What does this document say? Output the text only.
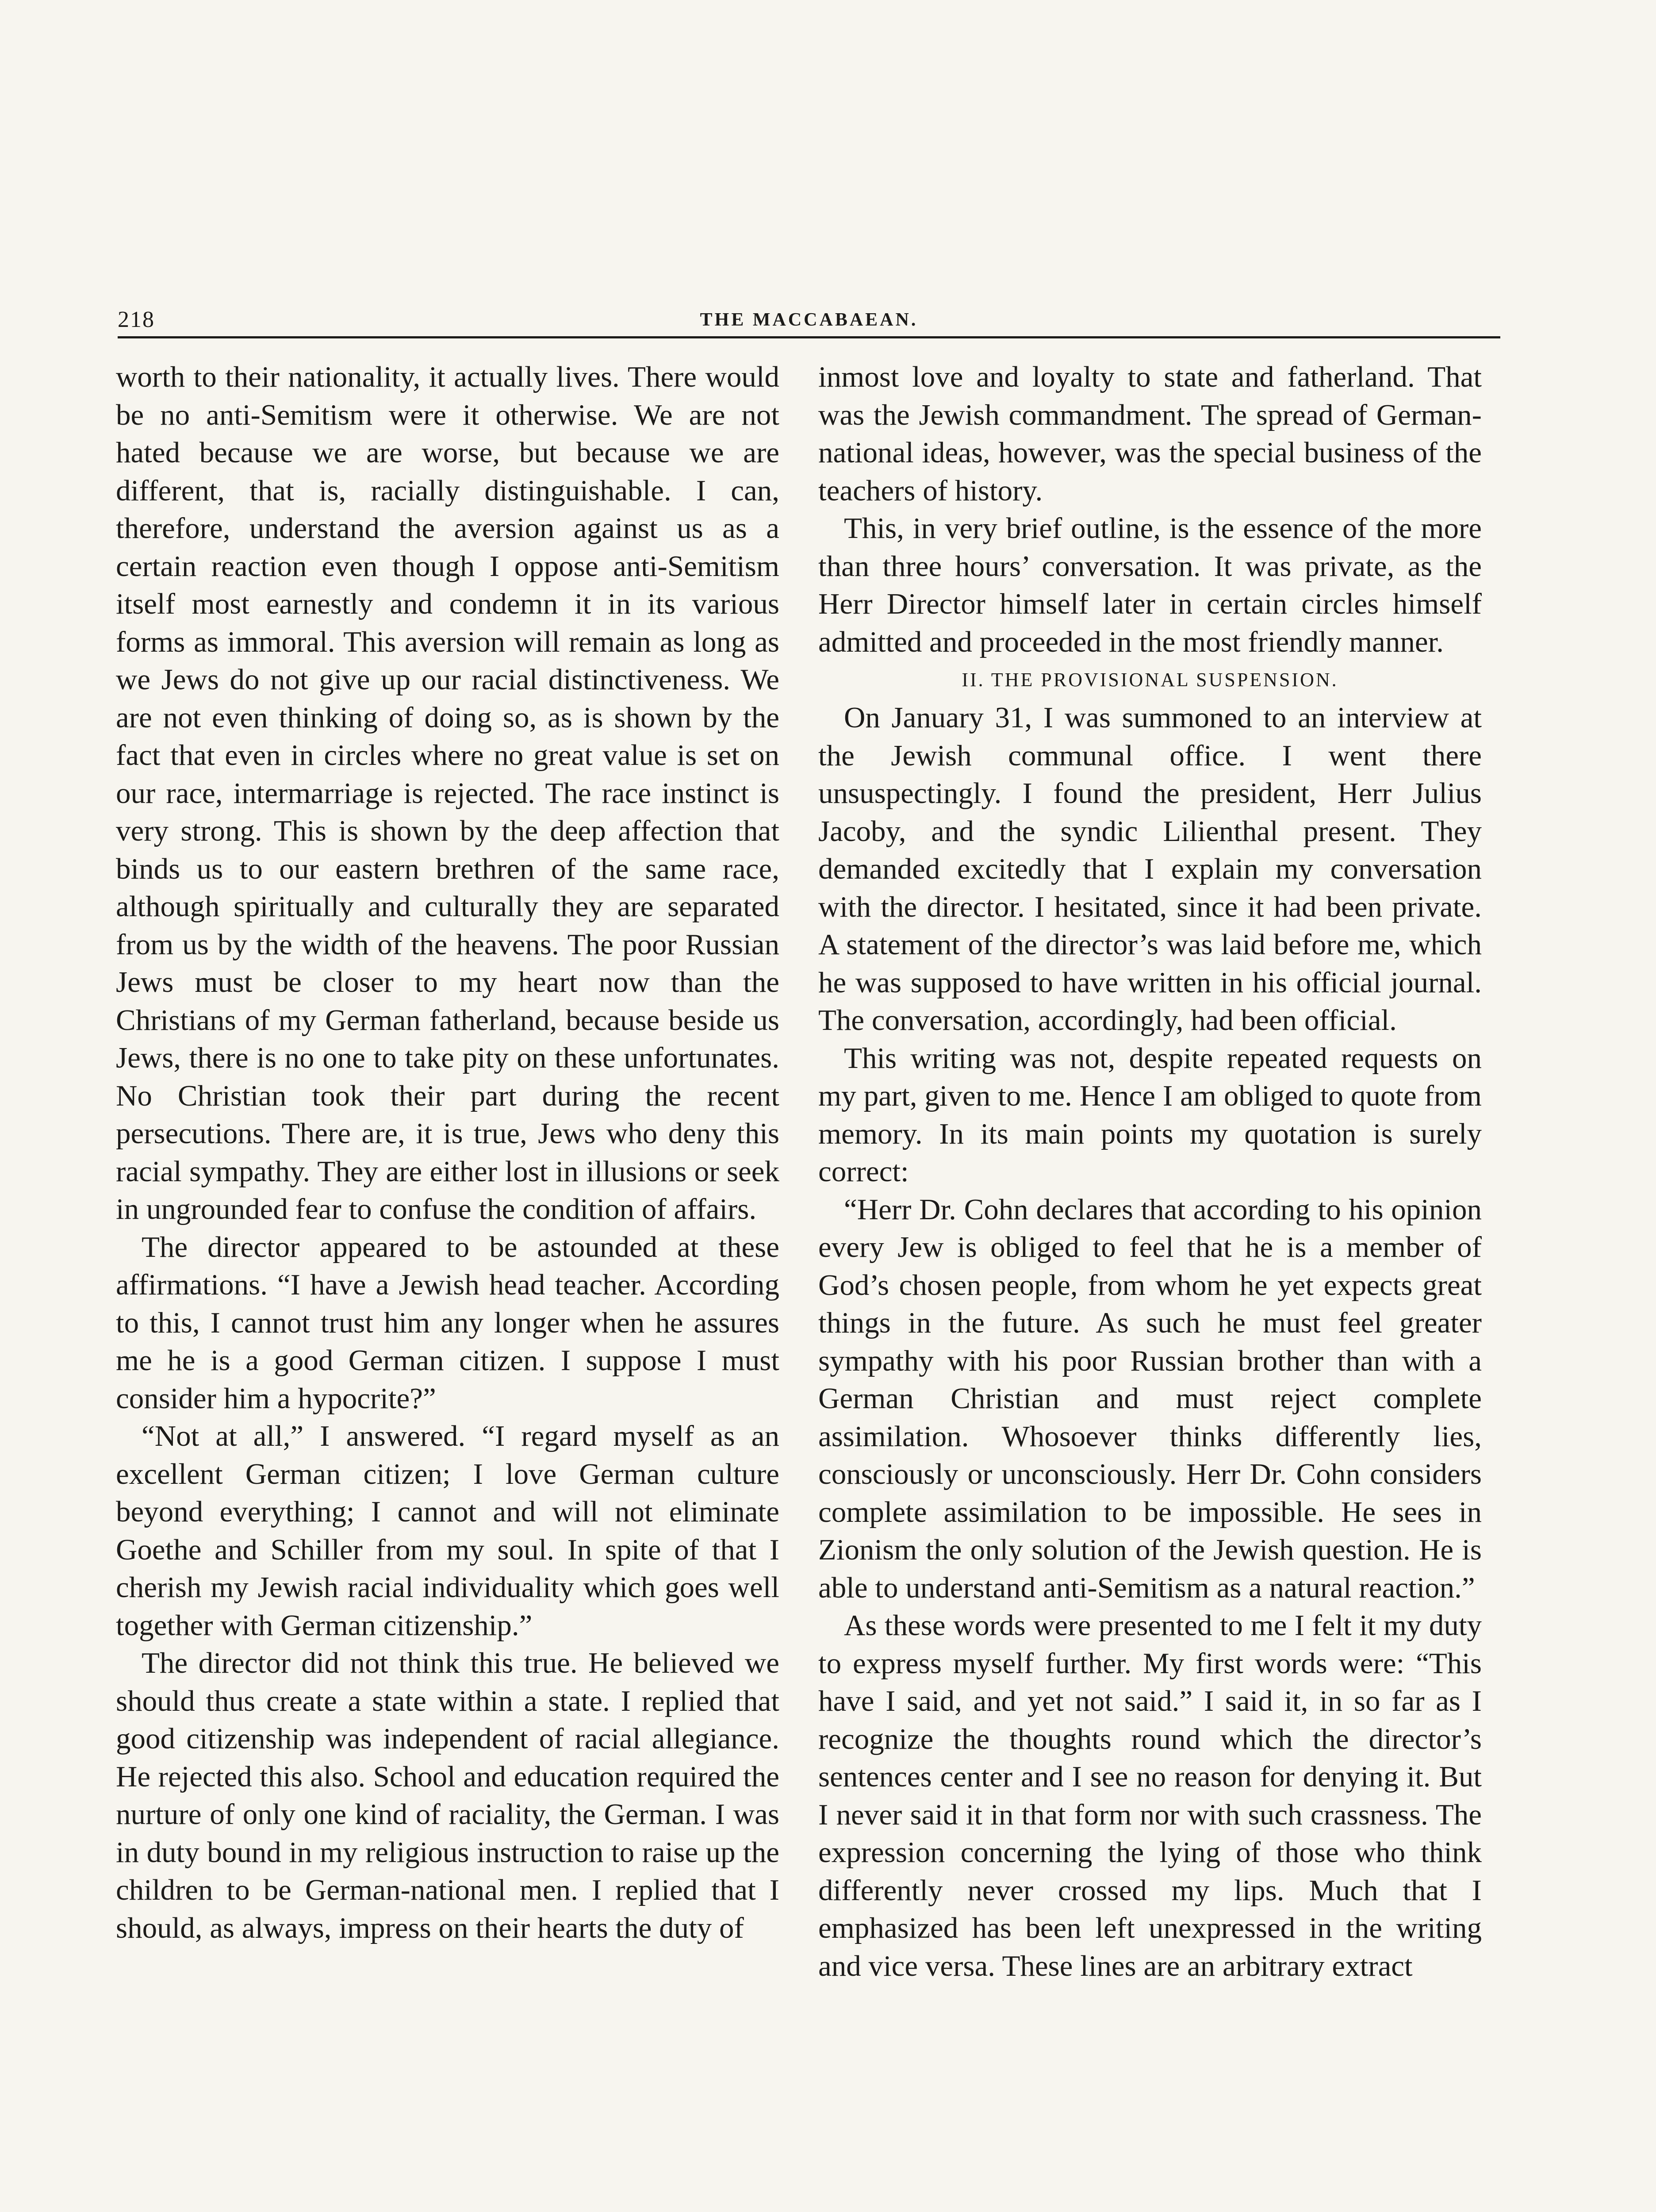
218	THE MACCABAEAN.

worth to their nationality, it actually lives. There would be no anti-Semitism were it otherwise. We are not hated because we are worse, but because we are different, that is, racially distinguishable. I can, therefore, understand the aversion against us as a certain reaction even though I oppose anti-Semitism itself most earnestly and condemn it in its various forms as immoral. This aversion will remain as long as we Jews do not give up our racial distinctiveness. We are not even thinking of doing so, as is shown by the fact that even in circles where no great value is set on our race, intermarriage is rejected. The race instinct is very strong. This is shown by the deep affection that binds us to our eastern brethren of the same race, although spiritually and culturally they are separated from us by the width of the heavens. The poor Russian Jews must be closer to my heart now than the Christians of my German fatherland, because beside us Jews, there is no one to take pity on these unfortunates. No Christian took their part during the recent persecutions. There are, it is true, Jews who deny this racial sympathy. They are either lost in illusions or seek in ungrounded fear to confuse the condition of affairs.

The director appeared to be astounded at these affirmations. “I have a Jewish head teacher. According to this, I cannot trust him any longer when he assures me he is a good German citizen. I suppose I must consider him a hypocrite?”

“Not at all,” I answered. “I regard myself as an excellent German citizen; I love German culture beyond everything; I cannot and will not eliminate Goethe and Schiller from my soul. In spite of that I cherish my Jewish racial individuality which goes well together with German citizenship.”

The director did not think this true. He believed we should thus create a state within a state. I replied that good citizenship was independent of racial allegiance. He rejected this also. School and education required the nurture of only one kind of raciality, the German. I was in duty bound in my religious instruction to raise up the children to be German-national men. I replied that I should, as always, impress on their hearts the duty of

inmost love and loyalty to state and fatherland. That was the Jewish commandment. The spread of German-national ideas, however, was the special business of the teachers of history.

This, in very brief outline, is the essence of the more than three hours’ conversation. It was private, as the Herr Director himself later in certain circles himself admitted and proceeded in the most friendly manner.

II. THE PROVISIONAL SUSPENSION.

On January 31, I was summoned to an interview at the Jewish communal office. I went there unsuspectingly. I found the president, Herr Julius Jacoby, and the syndic Lilienthal present. They demanded excitedly that I explain my conversation with the director. I hesitated, since it had been private. A statement of the director’s was laid before me, which he was supposed to have written in his official journal. The conversation, accordingly, had been official.

This writing was not, despite repeated requests on my part, given to me. Hence I am obliged to quote from memory. In its main points my quotation is surely correct:

“Herr Dr. Cohn declares that according to his opinion every Jew is obliged to feel that he is a member of God’s chosen people, from whom he yet expects great things in the future. As such he must feel greater sympathy with his poor Russian brother than with a German Christian and must reject complete assimilation. Whosoever thinks differently lies, consciously or unconsciously. Herr Dr. Cohn considers complete assimilation to be impossible. He sees in Zionism the only solution of the Jewish question. He is able to understand anti-Semitism as a natural reaction.”

As these words were presented to me I felt it my duty to express myself further. My first words were: “This have I said, and yet not said.” I said it, in so far as I recognize the thoughts round which the director’s sentences center and I see no reason for denying it. But I never said it in that form nor with such crassness. The expression concerning the lying of those who think differently never crossed my lips. Much that I emphasized has been left unexpressed in the writing and vice versa. These lines are an arbitrary extract
